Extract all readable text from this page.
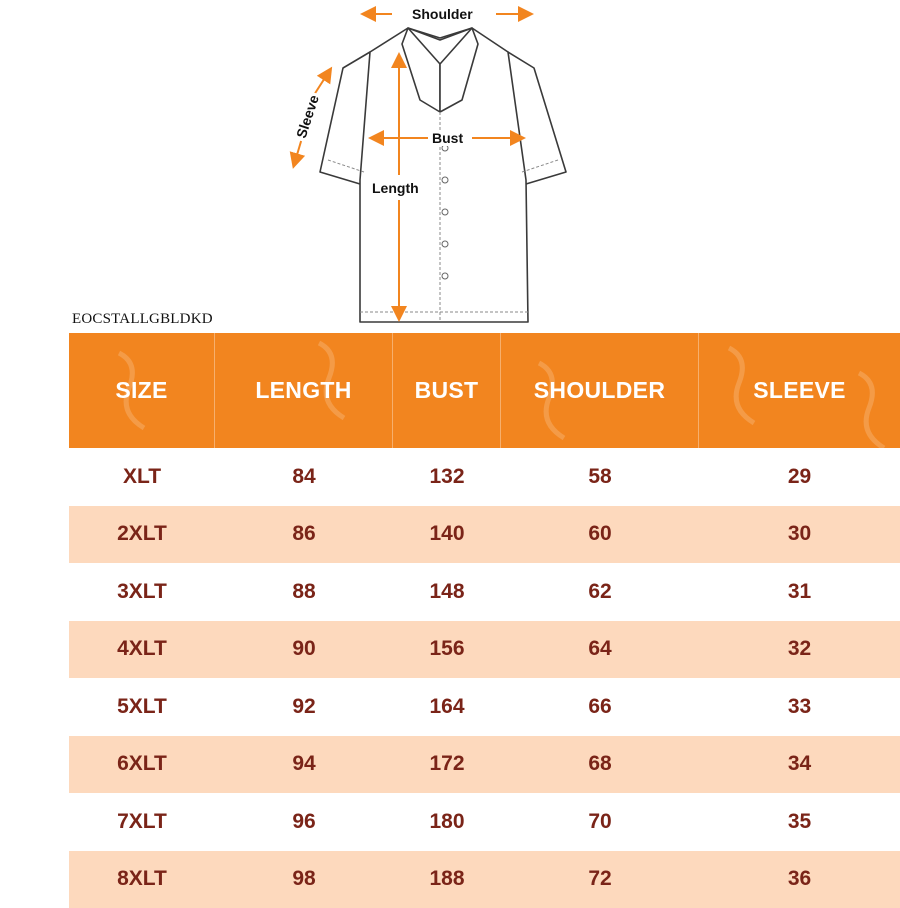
Shoulder
Sleeve	Bust
Length
EOCSTALLGBLDKD
SIZE	LENGTH	BUST	SHOULDER	SLEEVE
XLT	84	132	58	29
2XLT	86	140	60	30
3XLT	88	148	62	31
4XLT	90	156	64	32
5XLT	92	164	66	33
6XLT	94	172	68	34
7XLT	96	180	70	35
8XLT	98	188	72	36
